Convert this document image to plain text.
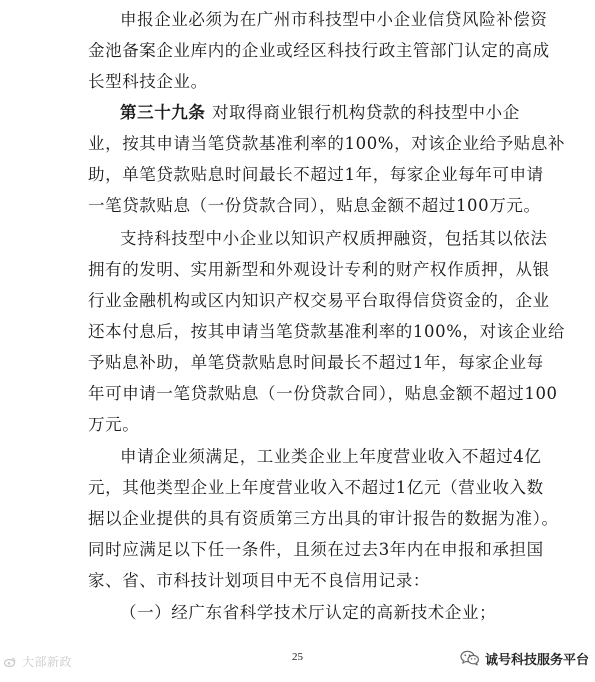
申报企业必须为在广州市科技型中小企业信贷风险补偿资
金池备案企业库内的企业或经区科技行政主管部门认定的高成
长型科技企业。
第三十九条 对取得商业银行机构贷款的科技型中小企
业，按其申请当笔贷款基准利率的100%，对该企业给予贴息补
助，单笔贷款贴息时间最长不超过1年，每家企业每年可申请
一笔贷款贴息（一份贷款合同），贴息金额不超过100万元。
支持科技型中小企业以知识产权质押融资，包括其以依法
拥有的发明、实用新型和外观设计专利的财产权作质押，从银
行业金融机构或区内知识产权交易平台取得信贷资金的，企业
还本付息后，按其申请当笔贷款基准利率的100%，对该企业给
予贴息补助，单笔贷款贴息时间最长不超过1年，每家企业每
年可申请一笔贷款贴息（一份贷款合同），贴息金额不超过100
万元。
申请企业须满足，工业类企业上年度营业收入不超过4亿
元，其他类型企业上年度营业收入不超过1亿元（营业收入数
据以企业提供的具有资质第三方出具的审计报告的数据为准）。
同时应满足以下任一条件，且须在过去3年内在申报和承担国
家、省、市科技计划项目中无不良信用记录：
（一）经广东省科学技术厅认定的高新技术企业；
25
大部新政	诚号科技服务平台
